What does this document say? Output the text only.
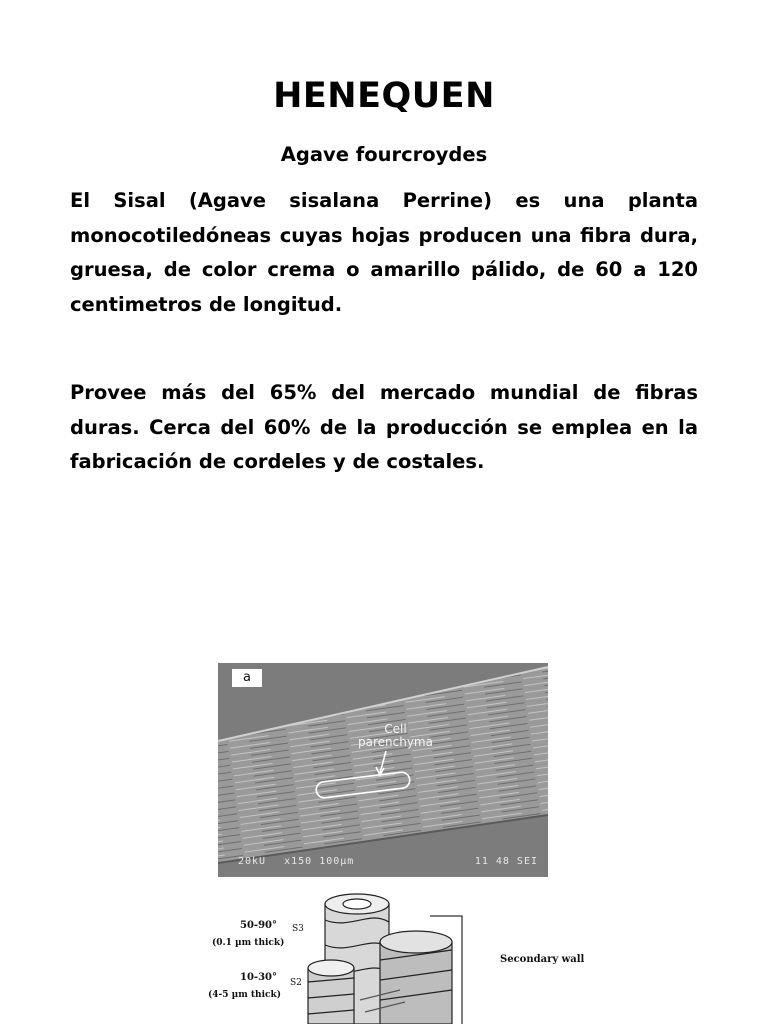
HENEQUEN
Agave fourcroydes

El Sisal (Agave sisalana Perrine) es una planta monocotiledóneas cuyas hojas producen una fibra dura, gruesa, de color crema o amarillo pálido, de 60 a 120 centimetros de longitud.

Provee más del 65% del mercado mundial de fibras duras. Cerca del 60% de la producción se emplea en la fabricación de cordeles y de costales.

a
Cell
parenchyma
20kU x150 100µm	11 48 SEI
50-90°
(0.1 µm thick)
S3
10-30°
(4-5 µm thick)
S2
Secondary wall
